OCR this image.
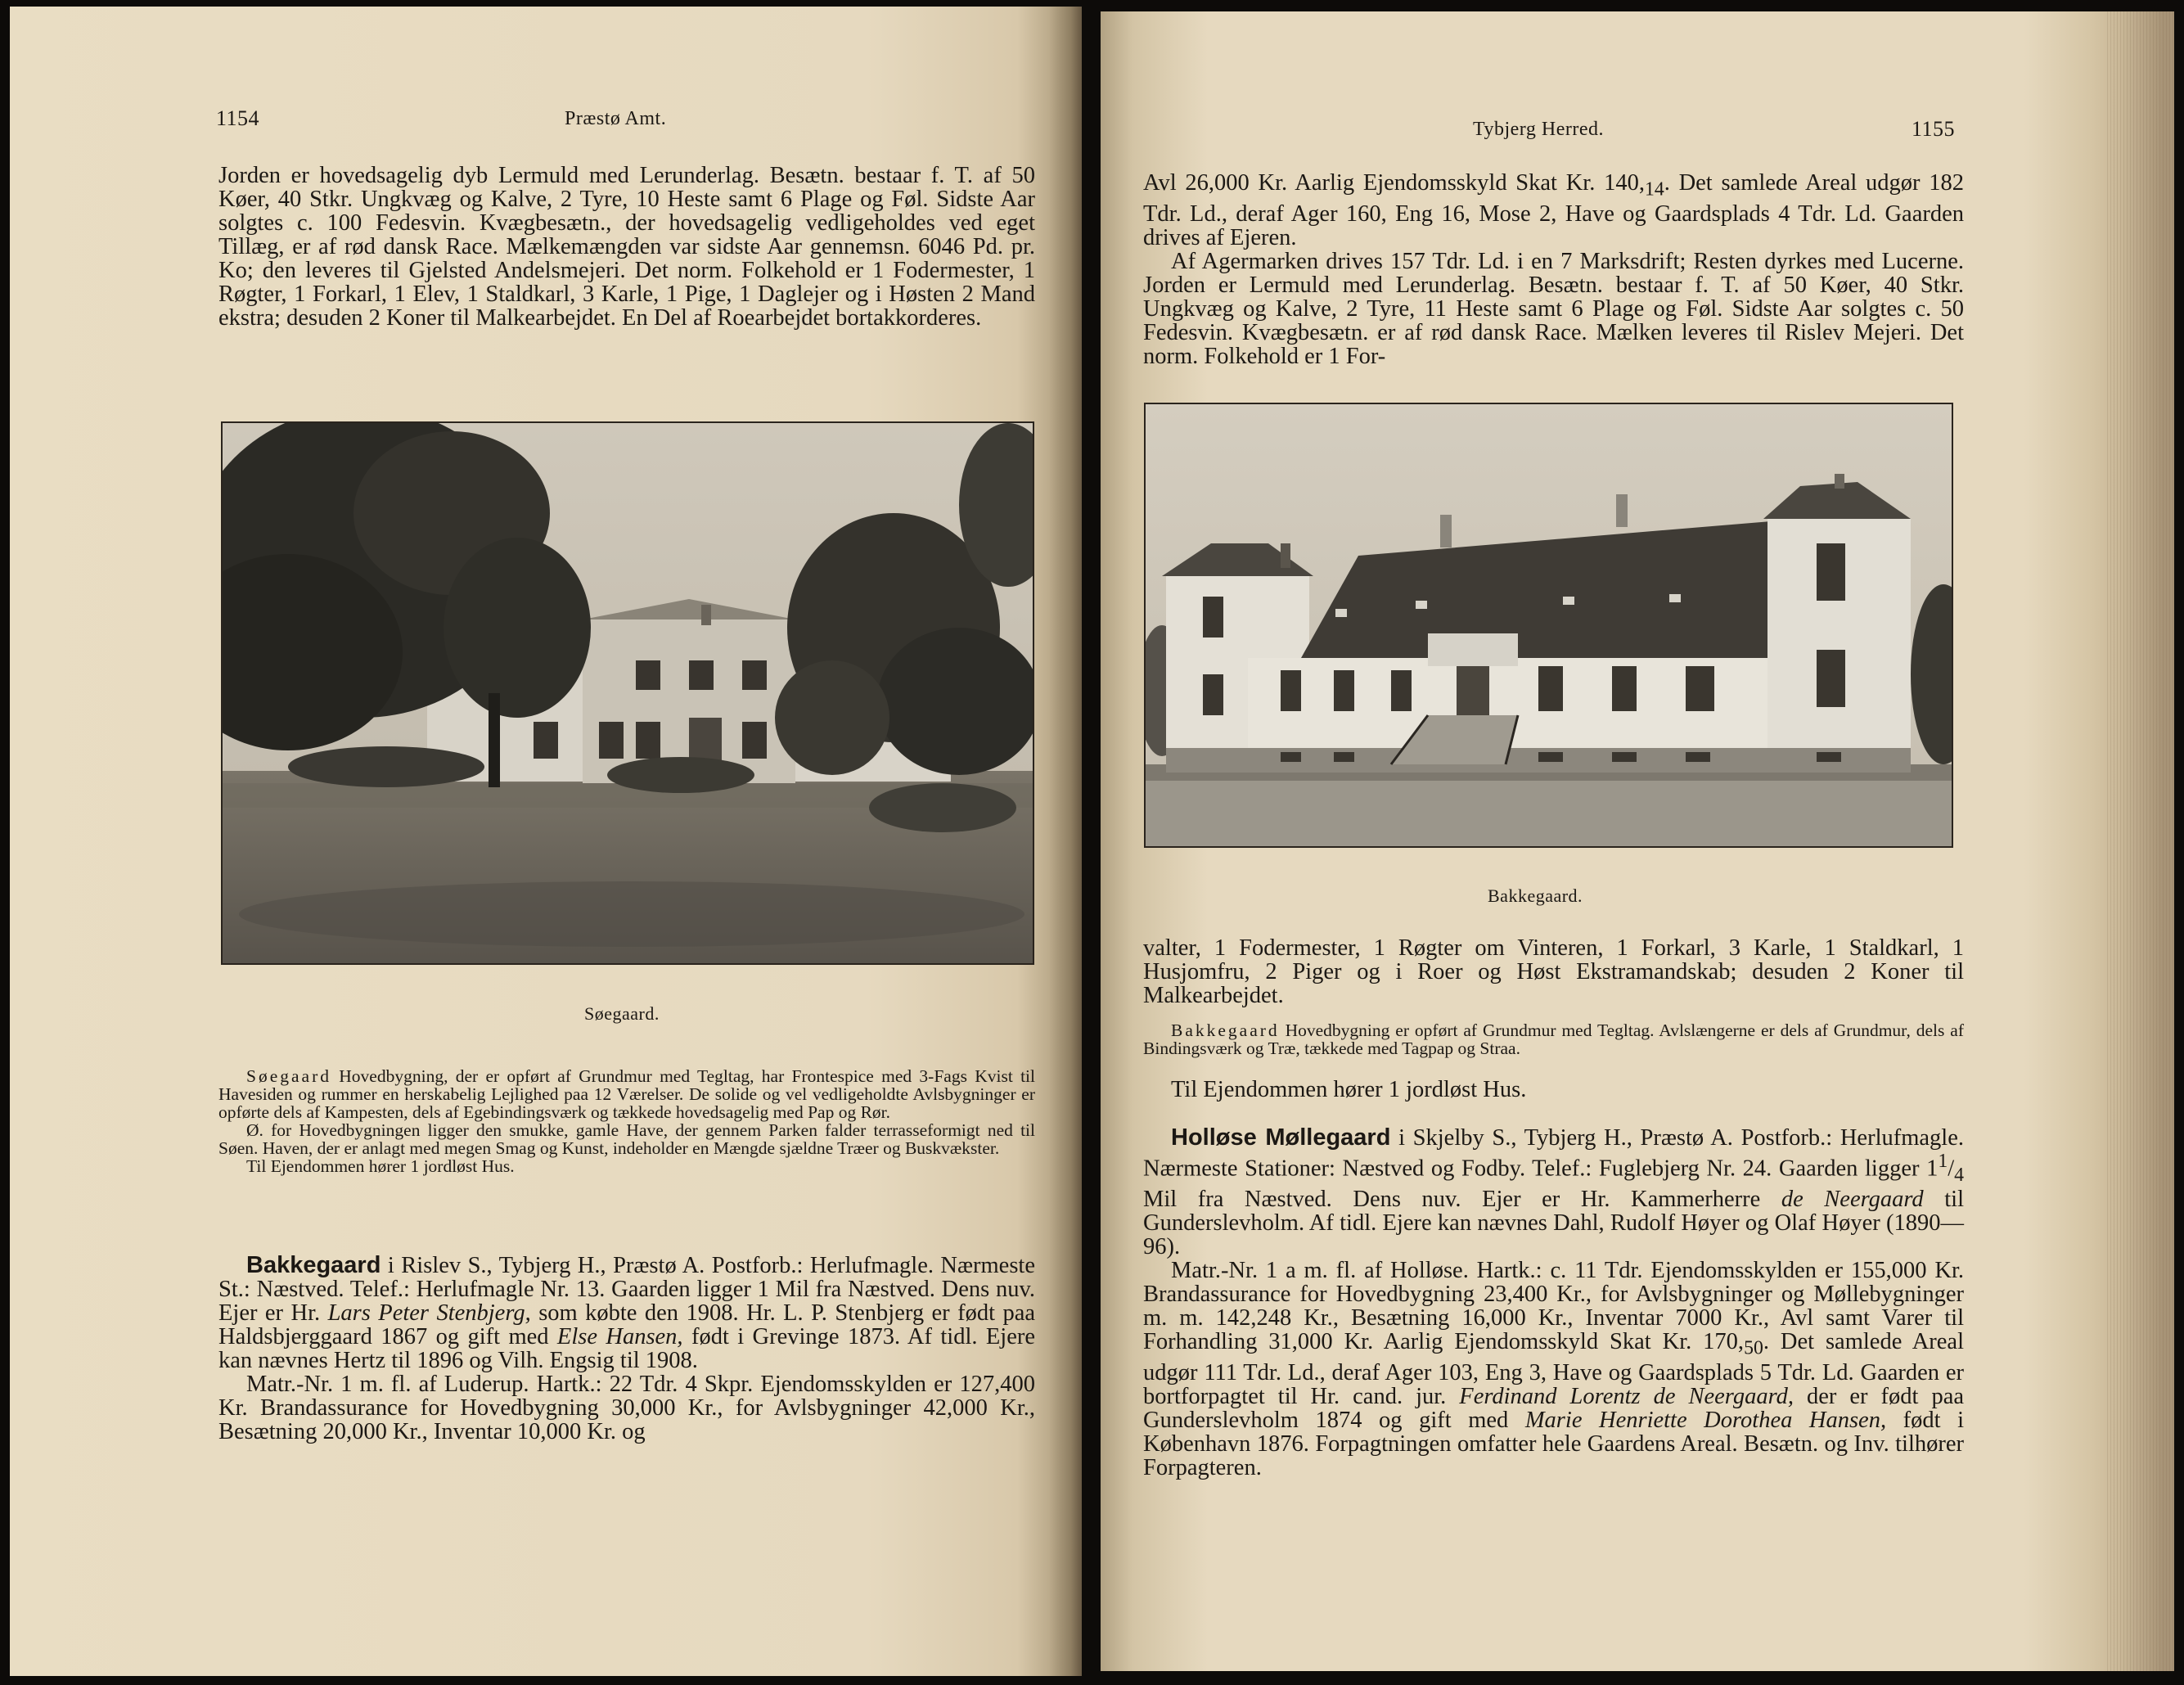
1154	Præstø Amt.

Jorden er hovedsagelig dyb Lermuld med Lerunderlag. Besætn. bestaar f. T. af 50 Køer, 40 Stkr. Ungkvæg og Kalve, 2 Tyre, 10 Heste samt 6 Plage og Føl. Sidste Aar solgtes c. 100 Fedesvin. Kvægbesætn., der hovedsagelig vedligeholdes ved eget Tillæg, er af rød dansk Race. Mælkemængden var sidste Aar gennemsn. 6046 Pd. pr. Ko; den leveres til Gjelsted Andelsmejeri. Det norm. Folkehold er 1 Fodermester, 1 Røgter, 1 Forkarl, 1 Elev, 1 Staldkarl, 3 Karle, 1 Pige, 1 Daglejer og i Høsten 2 Mand ekstra; desuden 2 Koner til Malkearbejdet. En Del af Roearbejdet bortakkorderes.

Søegaard.

Søegaard Hovedbygning, der er opført af Grundmur med Tegltag, har Frontespice med 3-Fags Kvist til Havesiden og rummer en herskabelig Lejlighed paa 12 Værelser. De solide og vel vedligeholdte Avlsbygninger er opførte dels af Kampesten, dels af Egebindingsværk og tækkede hovedsagelig med Pap og Rør.

Ø. for Hovedbygningen ligger den smukke, gamle Have, der gennem Parken falder terrasseformigt ned til Søen. Haven, der er anlagt med megen Smag og Kunst, indeholder en Mængde sjældne Træer og Buskvækster.

Til Ejendommen hører 1 jordløst Hus.

Bakkegaard i Rislev S., Tybjerg H., Præstø A. Postforb.: Herlufmagle. Nærmeste St.: Næstved. Telef.: Herlufmagle Nr. 13. Gaarden ligger 1 Mil fra Næstved. Dens nuv. Ejer er Hr. Lars Peter Stenbjerg, som købte den 1908. Hr. L. P. Stenbjerg er født paa Haldsbjerggaard 1867 og gift med Else Hansen, født i Grevinge 1873. Af tidl. Ejere kan nævnes Hertz til 1896 og Vilh. Engsig til 1908.

Matr.-Nr. 1 m. fl. af Luderup. Hartk.: 22 Tdr. 4 Skpr. Ejendomsskylden er 127,400 Kr. Brandassurance for Hovedbygning 30,000 Kr., for Avlsbygninger 42,000 Kr., Besætning 20,000 Kr., Inventar 10,000 Kr. og

Tybjerg Herred.	1155

Avl 26,000 Kr. Aarlig Ejendomsskyld Skat Kr. $140,_{14}$. Det samlede Areal udgør 182 Tdr. Ld., deraf Ager 160, Eng 16, Mose 2, Have og Gaardsplads 4 Tdr. Ld. Gaarden drives af Ejeren.

Af Agermarken drives 157 Tdr. Ld. i en 7 Marksdrift; Resten dyrkes med Lucerne. Jorden er Lermuld med Lerunderlag. Besætn. bestaar f. T. af 50 Køer, 40 Stkr. Ungkvæg og Kalve, 2 Tyre, 11 Heste samt 6 Plage og Føl. Sidste Aar solgtes c. 50 Fedesvin. Kvægbesætn. er af rød dansk Race. Mælken leveres til Rislev Mejeri. Det norm. Folkehold er 1 For-

Bakkegaard.

valter, 1 Fodermester, 1 Røgter om Vinteren, 1 Forkarl, 3 Karle, 1 Staldkarl, 1 Husjomfru, 2 Piger og i Roer og Høst Ekstramandskab; desuden 2 Koner til Malkearbejdet.

Bakkegaard Hovedbygning er opført af Grundmur med Tegltag. Avlslængerne er dels af Grundmur, dels af Bindingsværk og Træ, tækkede med Tagpap og Straa.

Til Ejendommen hører 1 jordløst Hus.

Holløse Møllegaard i Skjelby S., Tybjerg H., Præstø A. Postforb.: Herlufmagle. Nærmeste Stationer: Næstved og Fodby. Telef.: Fuglebjerg Nr. 24. Gaarden ligger $1^1/_4$ Mil fra Næstved. Dens nuv. Ejer er Hr. Kammerherre de Neergaard til Gunderslevholm. Af tidl. Ejere kan nævnes Dahl, Rudolf Høyer og Olaf Høyer (1890—96).

Matr.-Nr. 1 a m. fl. af Holløse. Hartk.: c. 11 Tdr. Ejendomsskylden er 155,000 Kr. Brandassurance for Hovedbygning 23,400 Kr., for Avlsbygninger og Møllebygninger m. m. 142,248 Kr., Besætning 16,000 Kr., Inventar 7000 Kr., Avl samt Varer til Forhandling 31,000 Kr. Aarlig Ejendomsskyld Skat Kr. $170,_{50}$. Det samlede Areal udgør 111 Tdr. Ld., deraf Ager 103, Eng 3, Have og Gaardsplads 5 Tdr. Ld. Gaarden er bortforpagtet til Hr. cand. jur. Ferdinand Lorentz de Neergaard, der er født paa Gunderslevholm 1874 og gift med Marie Henriette Dorothea Hansen, født i København 1876. Forpagtningen omfatter hele Gaardens Areal. Besætn. og Inv. tilhører Forpagteren.
